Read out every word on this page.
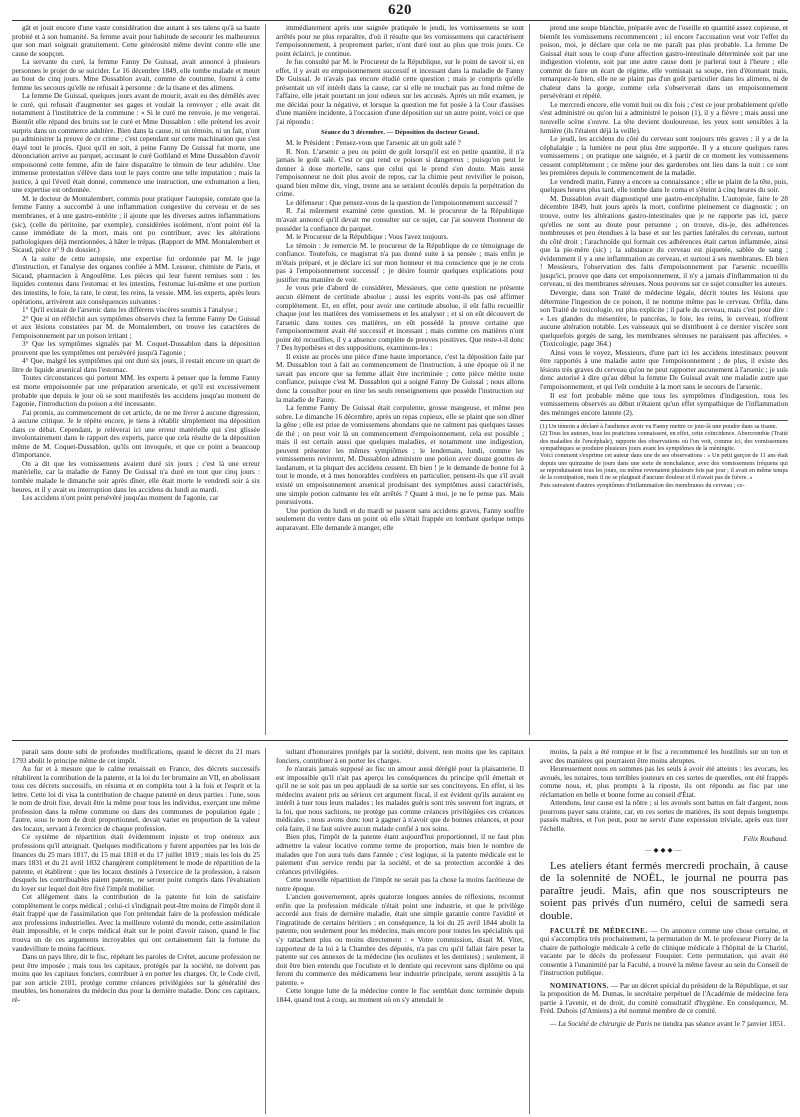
620

gât et jouit encore d'une vaste considération due autant à ses talens qu'à sa haute probité et à son humanité. Sa femme avait pour habitude de secourir les malheureux que son mari soignait gratuitement. Cette générosité même devint contre elle une cause de soupçon.

La servante du curé, la femme Fanny De Guissal, avait annoncé à plusieurs personnes le projet de se suicider. Le 16 décembre 1849, elle tombe malade et meurt au bout de cinq jours. Mme Dussablon avait, comme de coutume, fourni à cette femme les secours qu'elle ne refusait à personne : de la tisane et des alimens.

La femme De Guissal, quelques jours avant de mourir, avait eu des démêlés avec le curé, qui refusait d'augmenter ses gages et voulait la renvoyer ; elle avait dit notamment à l'institutrice de la commune : « Si le curé me renvoie, je me vengerai. Bientôt elle répand des bruits sur le curé et Mme Dussablon : elle prétend les avoir surpris dans un commerce adultère. Bien dans la cause, ni un témoin, ni un fait, n'ont pu administrer la preuve de ce crime ; c'est cependant sur cette machination que s'est étayé tout le procès. Quoi qu'il en soit, à peine Fanny De Guissal fut morte, une dénonciation arrive au parquet, accusant le curé Gothland et Mme Dussablon d'avoir empoisonné cette femme, afin de faire disparaître le témoin de leur adultère. Une immense protestation s'élève dans tout le pays contre une telle imputation ; mais la justice, à qui l'éveil était donné, commence une instruction, une exhumation a lieu, une expertise est ordonnée.

M. le docteur de Montalembert, commis pour pratiquer l'autopsie, constate que la femme Fanny a succombé à une inflammation congestive du cerveau et de ses membranes, et à une gastro-entérite ; il ajoute que les diverses autres inflammations (sic), (celle du péritoine, par exemple), considérées isolément, n'ont point été la cause immédiate de la mort, mais ont pu contribuer, avec les altérations pathologiques déjà mentionnées, à hâter le trépas. (Rapport de MM. Montalembert et Sicaud, pièce n° 9 du dossier.)

A la suite de cette autopsie, une expertise fut ordonnée par M. le juge d'instruction, et l'analyse des organes confiée à MM. Lesueur, chimiste de Paris, et Sicaud, pharmacien à Angoulême. Les pièces qui leur furent remises sont : les liquides contenus dans l'estomac et les intestins, l'estomac lui-même et une portion des intestins, le foie, la rate, le cœur, les reins, la vessie. MM. les experts, après leurs opérations, arrivèrent aux conséquences suivantes :

1° Qu'il existait de l'arsenic dans les différens viscères soumis à l'analyse ;

2° Que si on réfléchit aux symptômes observés chez la femme Fanny De Guissal et aux lésions constatées par M. de Montalembert, on trouve les caractères de l'empoisonnement par un poison irritant ;

3° Que les symptômes signalés par M. Coquet-Dussablon dans la déposition prouvent que les symptômes ont persévéré jusqu'à l'agonie ;

4° Que, malgré les symptômes qui ont duré six jours, il restait encore un quart de litre de liquide arsenical dans l'estomac.

Toutes circonstances qui portent MM. les experts à penser que la femme Fanny est morte empoisonnée par une préparation arsenicale, et qu'il est excessivement probable que depuis le jour où se sont manifestés les accidens jusqu'au moment de l'agonie, l'introduction du poison a été incessante.

J'ai promis, au commencement de cet article, de ne me livrer à aucune digression, à aucune critique. Je le répète encore, je tiens à rétablir simplement ma déposition dans ce débat. Cependant, je relèverai ici une erreur matérielle qui s'est glissée involontairement dans le rapport des experts, parce que cela résulte de la déposition même de M. Coquet-Dussablon, qu'ils ont invoquée, et que ce point a beaucoup d'importance.

On a dit que les vomissemens avaient duré six jours ; c'est là une erreur matérielle, car la maladie de Fanny De Guissal n'a duré en tout que cinq jours : tombée malade le dimanche soir après dîner, elle était morte le vendredi soir à six heures, et il y avait eu interruption dans les accidens du lundi au mardi.

Les accidens n'ont point persévéré jusqu'au moment de l'agonie, car

immédiatement après une saignée pratiquée le jeudi, les vomissemens se sont arrêtés pour ne plus reparaître, d'où il résulte que les vomissemens qui caractérisent l'empoisonnement, à proprement parler, n'ont duré tout au plus que trois jours. Ce point éclairci, je continue.

Je fus consulté par M. le Procureur de la République, sur le point de savoir si, en effet, il y avait eu empoisonnement successif et incessant dans la maladie de Fanny De Guissal. Je n'avais pas encore étudié cette question ; mais je compris qu'elle présentait un vif intérêt dans la cause, car si elle ne touchait pas au fond même de l'affaire, elle jetait pourtant un jour odieux sur les accusés. Après un mûr examen, je me décidai pour la négative, et lorsque la question me fut posée à la Cour d'assises d'une manière incidente, à l'occasion d'une déposition sur un autre point, voici ce que j'ai répondu :

Séance du 3 décembre. — Déposition du docteur Grand.

M. le Président : Pensez-vous que l'arsenic ait un goût salé ?

R. Non. L'arsenic a peu ou point de goût lorsqu'il est en petite quantité, il n'a jamais le goût salé. C'est ce qui rend ce poison si dangereux ; puisqu'on peut le donner à dose mortelle, sans que celui qui le prend s'en doute. Mais aussi l'empoisonneur ne doit plus avoir de repos, car la chimie peut revivifier le poison, quand bien même dix, vingt, trente ans se seraient écoulés depuis la perpétration du crime.

Le défenseur : Que pensez-vous de la question de l'empoisonnement successif ?

R. J'ai mûrement examiné cette question. M. le procureur de la République m'avait annoncé qu'il devait me consulter sur ce sujet, car j'ai souvent l'honneur de posséder la confiance du parquet.

M. le Procureur de la République : Vous l'avez toujours.

Le témoin : Je remercie M. le procureur de la République de ce témoignage de confiance. Toutefois, ce magistrat n'a pas donné suite à sa pensée ; mais enfin je m'étais préparé, et je déclare ici sur mon honneur et ma conscience que je ne crois pas à l'empoisonnement successif ; je désire fournir quelques explications pour justifier ma manière de voir.

Je vous prie d'abord de considérer, Messieurs, que cette question ne présente aucun élément de certitude absolue ; aussi les esprits vont-ils pas osé affirmer complètement. Et, en effet, pour avoir une certitude absolue, il eût fallu recueillir chaque jour les matières des vomissemens et les analyser ; et si on eût découvert de l'arsenic dans toutes ces matières, on eût possédé la preuve certaine que l'empoisonnement avait été successif et incessant ; mais comme ces matières n'ont point été recueillies, il y a absence complète de preuves positives. Que reste-t-il donc ? Des hypothèses et des suppositions, examinons-les :

Il existe au procès une pièce d'une haute importance, c'est la déposition faite par M. Dussablon tout à fait au commencement de l'instruction, à une époque où il ne savait pas encore que sa femme allait être incriminée ; cette pièce mérite toute confiance, puisque c'est M. Dussablon qui a soigné Fanny De Guissal ; nous allons donc la consulter pour en tirer les seuls renseignemens que possède l'instruction sur la maladie de Fanny.

La femme Fanny De Guissal était corpulente, grosse mangeuse, et même peu sobre. Le dimanche 16 décembre, après un repas copieux, elle se plaint que son dîner la gêne ; elle est prise de vomissemens abondans que ne calment pas quelques tasses de thé ; on peut voir là un commencement d'empoisonnement, cela est possible ; mais il est certain aussi que quelques maladies, et notamment une indigestion, peuvent présenter les mêmes symptômes ; le lendemain, lundi, comme les vomissemens revinrent, M. Dussablon administre une potion avec douze gouttes de laudanum, et la plupart des accidens cessent. Eh bien ! je le demande de bonne foi à tout le monde, et à mes honorables confrères en particulier, pensent-ils que s'il avait existé un empoisonnement arsenical produisant des symptômes aussi caractérisés, une simple potion calmante les eût arrêtés ? Quant à moi, je ne le pense pas. Mais poursuivons.

Une portion du lundi et du mardi se passent sans accidens graves, Fanny souffre seulement du ventre dans un point où elle s'était frappée en tombant quelque temps auparavant. Elle demande à manger, elle

prend une soupe blanchie, préparée avec de l'oseille en quantité assez copieuse, et bientôt les vomissemens recommencent ; ici encore l'accusation veut voir l'effet du poison, moi, je déclare que cela ne me paraît pas plus probable. La femme De Guissal était sous le coup d'une affection gastro-intestinale déterminée soit par une indigestion violente, soit par une autre cause dont je parlerai tout à l'heure ; elle commit de faire un écart de régime, elle vomissait sa soupe, rien d'étonnant mais, remarquez-le bien, elle ne se plaint pas d'un goût particulier dans les alimens, ni de chaleur dans la gorge, comme cela s'observerait dans un empoisonnement persévérant et répété.

Le mercredi encore, elle vomit huit ou dix fois ; c'est ce jour probablement qu'elle s'est administré ou qu'on lui a administré le poison (1), il y a fièvre ; mais aussi une nouvelle scène s'ouvre. La tête devient douloureuse, les yeux sont sensibles à la lumière (ils l'étaient déjà la veille).

Le jeudi, les accidens du côté du cerveau sont toujours très graves ; il y a de la céphalalgie ; la lumière ne peut plus être supportée. Il y a encore quelques rares vomissemens ; on pratique une saignée, et à partir de ce moment les vomissemens cessent complètement ; ce même jour des garderobes ont lieu dans la nuit : ce sont les premières depuis le commencement de la maladie.

Le vendredi matin, Fanny a encore sa connaissance ; elle se plaint de la tête, puis, quelques heures plus tard, elle tombe dans le coma et s'éteint à cinq heures du soir.

M. Dussablon avait diagnostiqué une gastro-encéphalite. L'autopsie, faite le 28 décembre 1849, huit jours après la mort, confirme pleinement ce diagnostic ; on trouve, outre les altérations gastro-intestinales que je ne rapporte pas ici, parce qu'elles ne sont au doute pour personne ; on trouve, dis-je, des adhérences nombreuses et peu étendues à la base et sur les parties latérales du cerveau, surtout du côté droit ; l'arachnoïde qui formait ces adhérences était carton inflammée, ainsi que la pie-mère (sic) ; la substance du cerveau est piquetée, sablée de sang ; évidemment il y a une inflammation au cerveau, et surtout à ses membranes. Eh bien ! Messieurs, l'observation des faits d'empoisonnement par l'arsenic recueillis jusqu'ici, prouve que dans cet empoisonnement, il n'y a jamais d'inflammation ni du cerveau, ni des membranes séreuses. Nous pouvons sur ce sujet consulter les auteurs.

Devergie, dans son Traité de médecine légale, décrit toutes les lésions que détermine l'ingestion de ce poison, il ne nomme même pas le cerveau. Orfila, dans son Traité de toxicologie, est plus explicite ; il parle du cerveau, mais c'est pour dire : « Les glandes du mésentère, le pancréas, le foie, les reins, le cerveau, n'offrent aucune altération notable. Les vaisseaux qui se distribuent à ce dernier viscère sont quelquefois gorgés de sang, les membranes séreuses ne paraissent pas affectées. » (Toxicologie, page 364.)

Ainsi vous le voyez, Messieurs, d'une part ici les accidens intestinaux peuvent être rapportés à une maladie autre que l'empoisonnement ; de plus, il existe des lésions très graves du cerveau qu'on ne peut rapporter aucunement à l'arsenic ; je suis donc autorisé à dire qu'au début la femme De Guissal avait une maladie autre que l'empoisonnement, et qui l'eût conduite à la mort sans le secours de l'arsenic.

Il est fort probable même que tous les symptômes d'indigestion, tous les vomissemens observés au début n'étaient qu'un effet sympathique de l'inflammation des méninges encore latente (2).

(1) Un témoin a déclaré à l'audience avoir vu Fanny mettre ce jour-là une poudre dans sa tisane.

(2) Tous les auteurs, tous les praticiens connaissent, en effet, cette coïncidence. Abercrombie (Traité des maladies de l'encéphale), rapporte des observations où l'on voit, comme ici, des vomissemens sympathiques se produire plusieurs jours avant les symptômes de la méningite.

Voici comment s'exprime cet auteur dans une de ses observations : « Un petit garçon de 11 ans était depuis une quinzaine de jours dans une sorte de nonchalance, avec des vomissemens fréquens qui se reproduisaient tous les jours, ou même revenaient plusieurs fois par jour ; il avait en même temps de la constipation, mais il ne se plaignait d'aucune douleur et il n'avait pas de fièvre. »

Puis suivaient d'autres symptômes d'inflammation des membranes du cerveau ; ce-

parait sans doute subi de profondes modifications, quand le décret du 21 mars 1793 abolit le principe même de cet impôt.

Au fur et à mesure que le calme renaissait en France, des décrets successifs rétablirent la contribution de la patente, et la loi du 1er brumaire an VII, en abolissant tous ces décrets successifs, en résuma et en compléta tout à la fois et l'esprit et la lettre. Cette loi di visa la contribution de chaque patenté en deux parties : l'une, sous le nom de droit fixe, devait être la même pour tous les individus, exerçant une même profession dans la même commune ou dans des communes de population égale ; l'autre, sous le nom de droit proportionnel, devait varier en proportion de la valeur des locaux, servant à l'exercice de chaque profession.

Ce système de répartition était évidemment injuste et trop onéreux aux professions qu'il atteignait. Quelques modifications y furent apportées par les lois de finances du 25 mars 1817, du 15 mai 1818 et du 17 juillet 1819 ; mais les lois du 25 mars 1831 et du 21 avril 1832 changèrent complètement le mode de répartition de la patente, et établirent : que les locaux destinés à l'exercice de la profession, à raison desquels les contribuables paient patente, ne seront point compris dans l'évaluation du loyer sur lequel doit être fixé l'impôt mobilier.

Cet allégement dans la contribution de la patente fut loin de satisfaire complètement le corps médical ; celui-ci s'indignait peut-être moins de l'impôt dont il était frappé que de l'assimilation que l'on prétendait faire de la profession médicale aux professions industrielles. Avec la meilleure volonté du monde, cette assimilation était impossible, et le corps médical était sur le point d'avoir raison, quand le fisc trouva un de ces arguments incroyables qui ont certainement fait la fortune du vaudevilliste le moins facétieux.

Dans un pays libre, dit le fisc, répétant les paroles de Crétet, aucune profession ne peut être imposée ; mais tous les capitaux, protégés par la société, ne doivent pas moins que les capitaux fonciers, contribuer à en porter les charges. Or, le Code civil, par son article 2101, protège comme créances privilégiées sur la généralité des meubles, les honoraires du médecin dus pour la dernière maladie. Donc ces capitaux, ré-

sultant d'honoraires protégés par la société, doivent, non moins que les capitaux fonciers, contribuer à en porter les charges.

Je n'aurais jamais supposé au fisc un amour aussi déréglé pour la plaisanterie. Il est impossible qu'il n'ait pas aperçu les conséquences du principe qu'il émettait et qu'il ne se soit pas un peu applaudi de sa sortie sur ses concitoyens. En effet, si les médecins avaient pris au sérieux cet argument fiscal, il est évident qu'ils auraient eu intérêt à tuer tous leurs malades ; les malades guéris sont très souvent fort ingrats, et la loi, que nous sachions, ne protège pas comme créances privilégiées ces créances médicales ; nous avons donc tout à gagner à n'avoir que de bonnes créances, et pour cela faire, il ne faut suivre aucun malade confié à nos soins.

Bien plus, l'impôt de la patente étant aujourd'hui proportionnel, il ne faut plus admettre la valeur locative comme terme de proportion, mais bien le nombre de malades que l'on aura tués dans l'année ; c'est logique, si la patente médicale est le paiement d'un service rendu par la société, et de sa protection accordée à des créances privilégiées.

Cette nouvelle répartition de l'impôt ne serait pas la chose la moins facétieuse de notre époque.

L'ancien gouvernement, après quatorze longues années de réflexions, reconnut enfin que la profession médicale n'était point une industrie, et que le privilège accordé aux frais de dernière maladie, était une simple garantie contre l'avidité et l'ingratitude de certains héritiers ; en conséquence, la loi du 25 avril 1844 abolit la patente, non seulement pour les médecins, mais encore pour toutes les spécialités qui s'y rattachent plus ou moins directement : « Votre commission, disait M. Vitet, rapporteur de la loi à la Chambre des députés, n'a pas cru qu'il fallait faire peser la patente sur ces annexes de la médecine (les oculistes et les dentistes) ; seulement, il doit être bien entendu que l'oculiste et le dentiste qui recevront sans diplôme ou qui feront du commerce des médicamens leur industrie principale, seront assujétis à la patente. »

Cette longue lutte de la médecine contre le fisc semblait donc terminée depuis 1844, quand tout à coup, au moment où on s'y attendait le

moins, la paix a été rompue et le fisc a recommencé les hostilités sur un ton et avec des manières qui pourraient être moins abruptes.

Heureusement nous en sommes pas les seuls à avoir été atteints : les avocats, les avoués, les notaires, tous terribles jouteurs en ces sortes de querelles, ont été frappés comme nous, et, plus prompts à la riposte, ils ont répondu au fisc par une réclamation en belle et bonne forme au conseil d'État.

Attendons, leur cause est la nôtre ; si les avoués sont battus en fait d'argent, nous pourrons payer sans crainte, car, en ces sortes de matières, ils sont depuis longtemps passés maîtres, et l'on peut, pour ne servir d'une expression triviale, après eux tirer l'échelle.

Félix Roubaud.

—◆◆◆—

Les ateliers étant fermés mercredi prochain, à cause de la solennité de NOËL, le journal ne pourra pas paraître jeudi. Mais, afin que nos souscripteurs ne soient pas privés d'un numéro, celui de samedi sera double.

FACULTÉ DE MÉDECINE. — On annonce comme une chose certaine, et qui s'accomplira très prochainement, la permutation de M. le professeur Piorry de la chaire de pathologie médicale à celle de clinique médicale à l'hôpital de la Charité, vacante par le décès du professeur Fouquier. Cette permutation, qui avait été consentie à l'unanimité par la Faculté, a trouvé la même faveur au sein du Conseil de l'instruction publique.

NOMINATIONS. — Par un décret spécial du président de la République, et sur la proposition de M. Dumas, le secrétaire perpétuel de l'Académie de médecine fera partie à l'avenir, et de droit, du comité consultatif d'hygiène. En conséquence, M. Fréd. Dubois (d'Amiens) a été nommé membre de ce comité.

— La Société de chirurgie de Paris ne tiendra pas séance avant le 7 janvier 1851.
